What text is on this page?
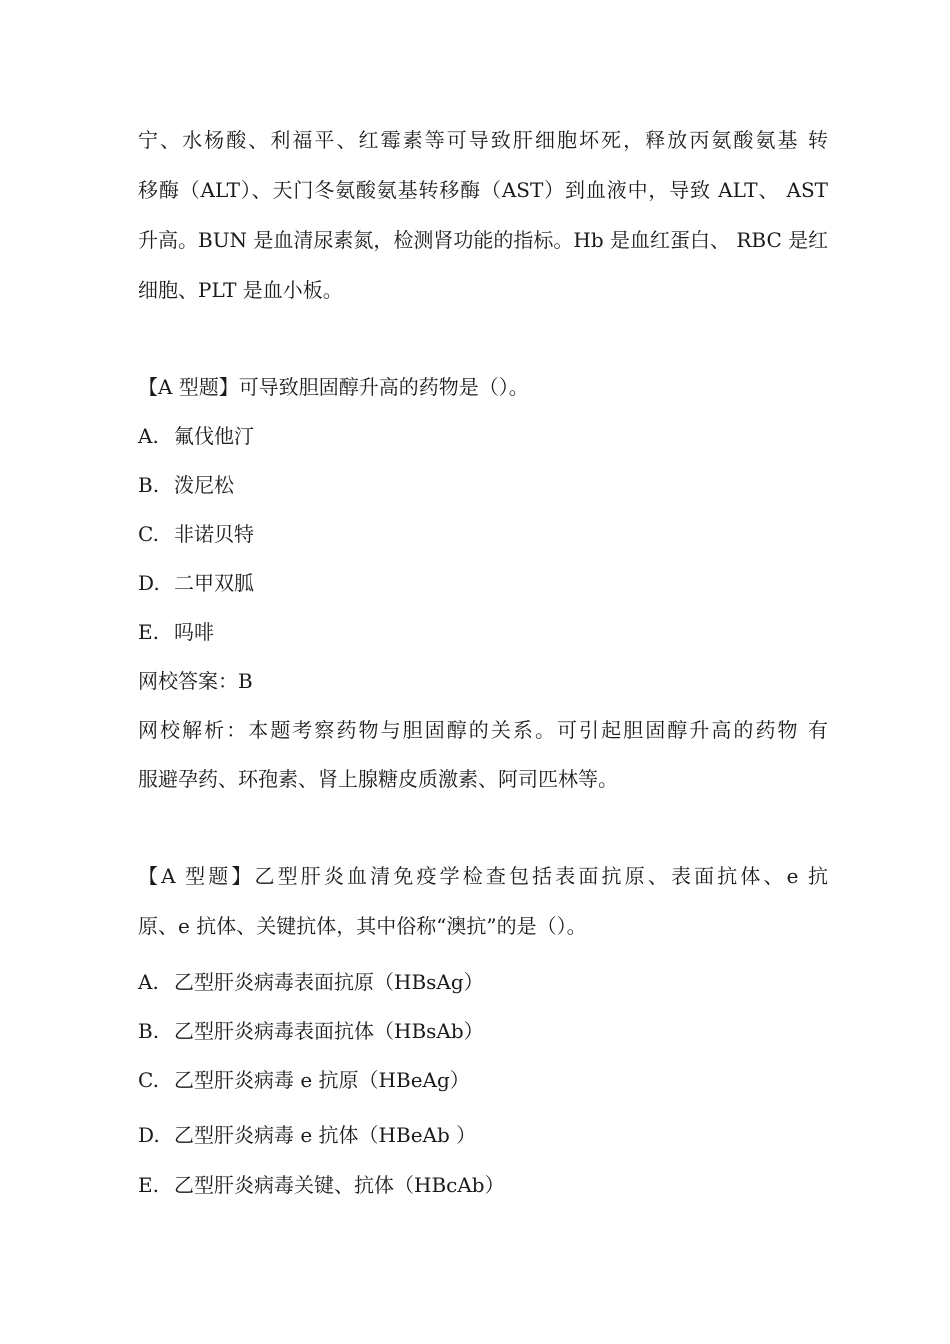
宁、水杨酸、利福平、红霉素等可导致肝细胞坏死，释放丙氨酸氨基 转
移酶（ALT）、天门冬氨酸氨基转移酶（AST）到血液中，导致 ALT、 AST
升高。BUN 是血清尿素氮，检测肾功能的指标。Hb 是血红蛋白、 RBC 是红
细胞、PLT 是血小板。
【A 型题】可导致胆固醇升高的药物是（）。
A. 氟伐他汀
B. 泼尼松
C. 非诺贝特
D. 二甲双胍
E. 吗啡
网校答案：B
网校解析：本题考察药物与胆固醇的关系。可引起胆固醇升高的药物 有
服避孕药、环孢素、肾上腺糖皮质激素、阿司匹林等。
【A 型题】乙型肝炎血清免疫学检查包括表面抗原、表面抗体、e 抗
原、e 抗体、关键抗体，其中俗称“澳抗”的是（）。
A. 乙型肝炎病毒表面抗原（HBsAg）
B. 乙型肝炎病毒表面抗体（HBsAb）
C. 乙型肝炎病毒 e 抗原（HBeAg）
D. 乙型肝炎病毒 e 抗体（HBeAb ）
E. 乙型肝炎病毒关键、抗体（HBcAb）
